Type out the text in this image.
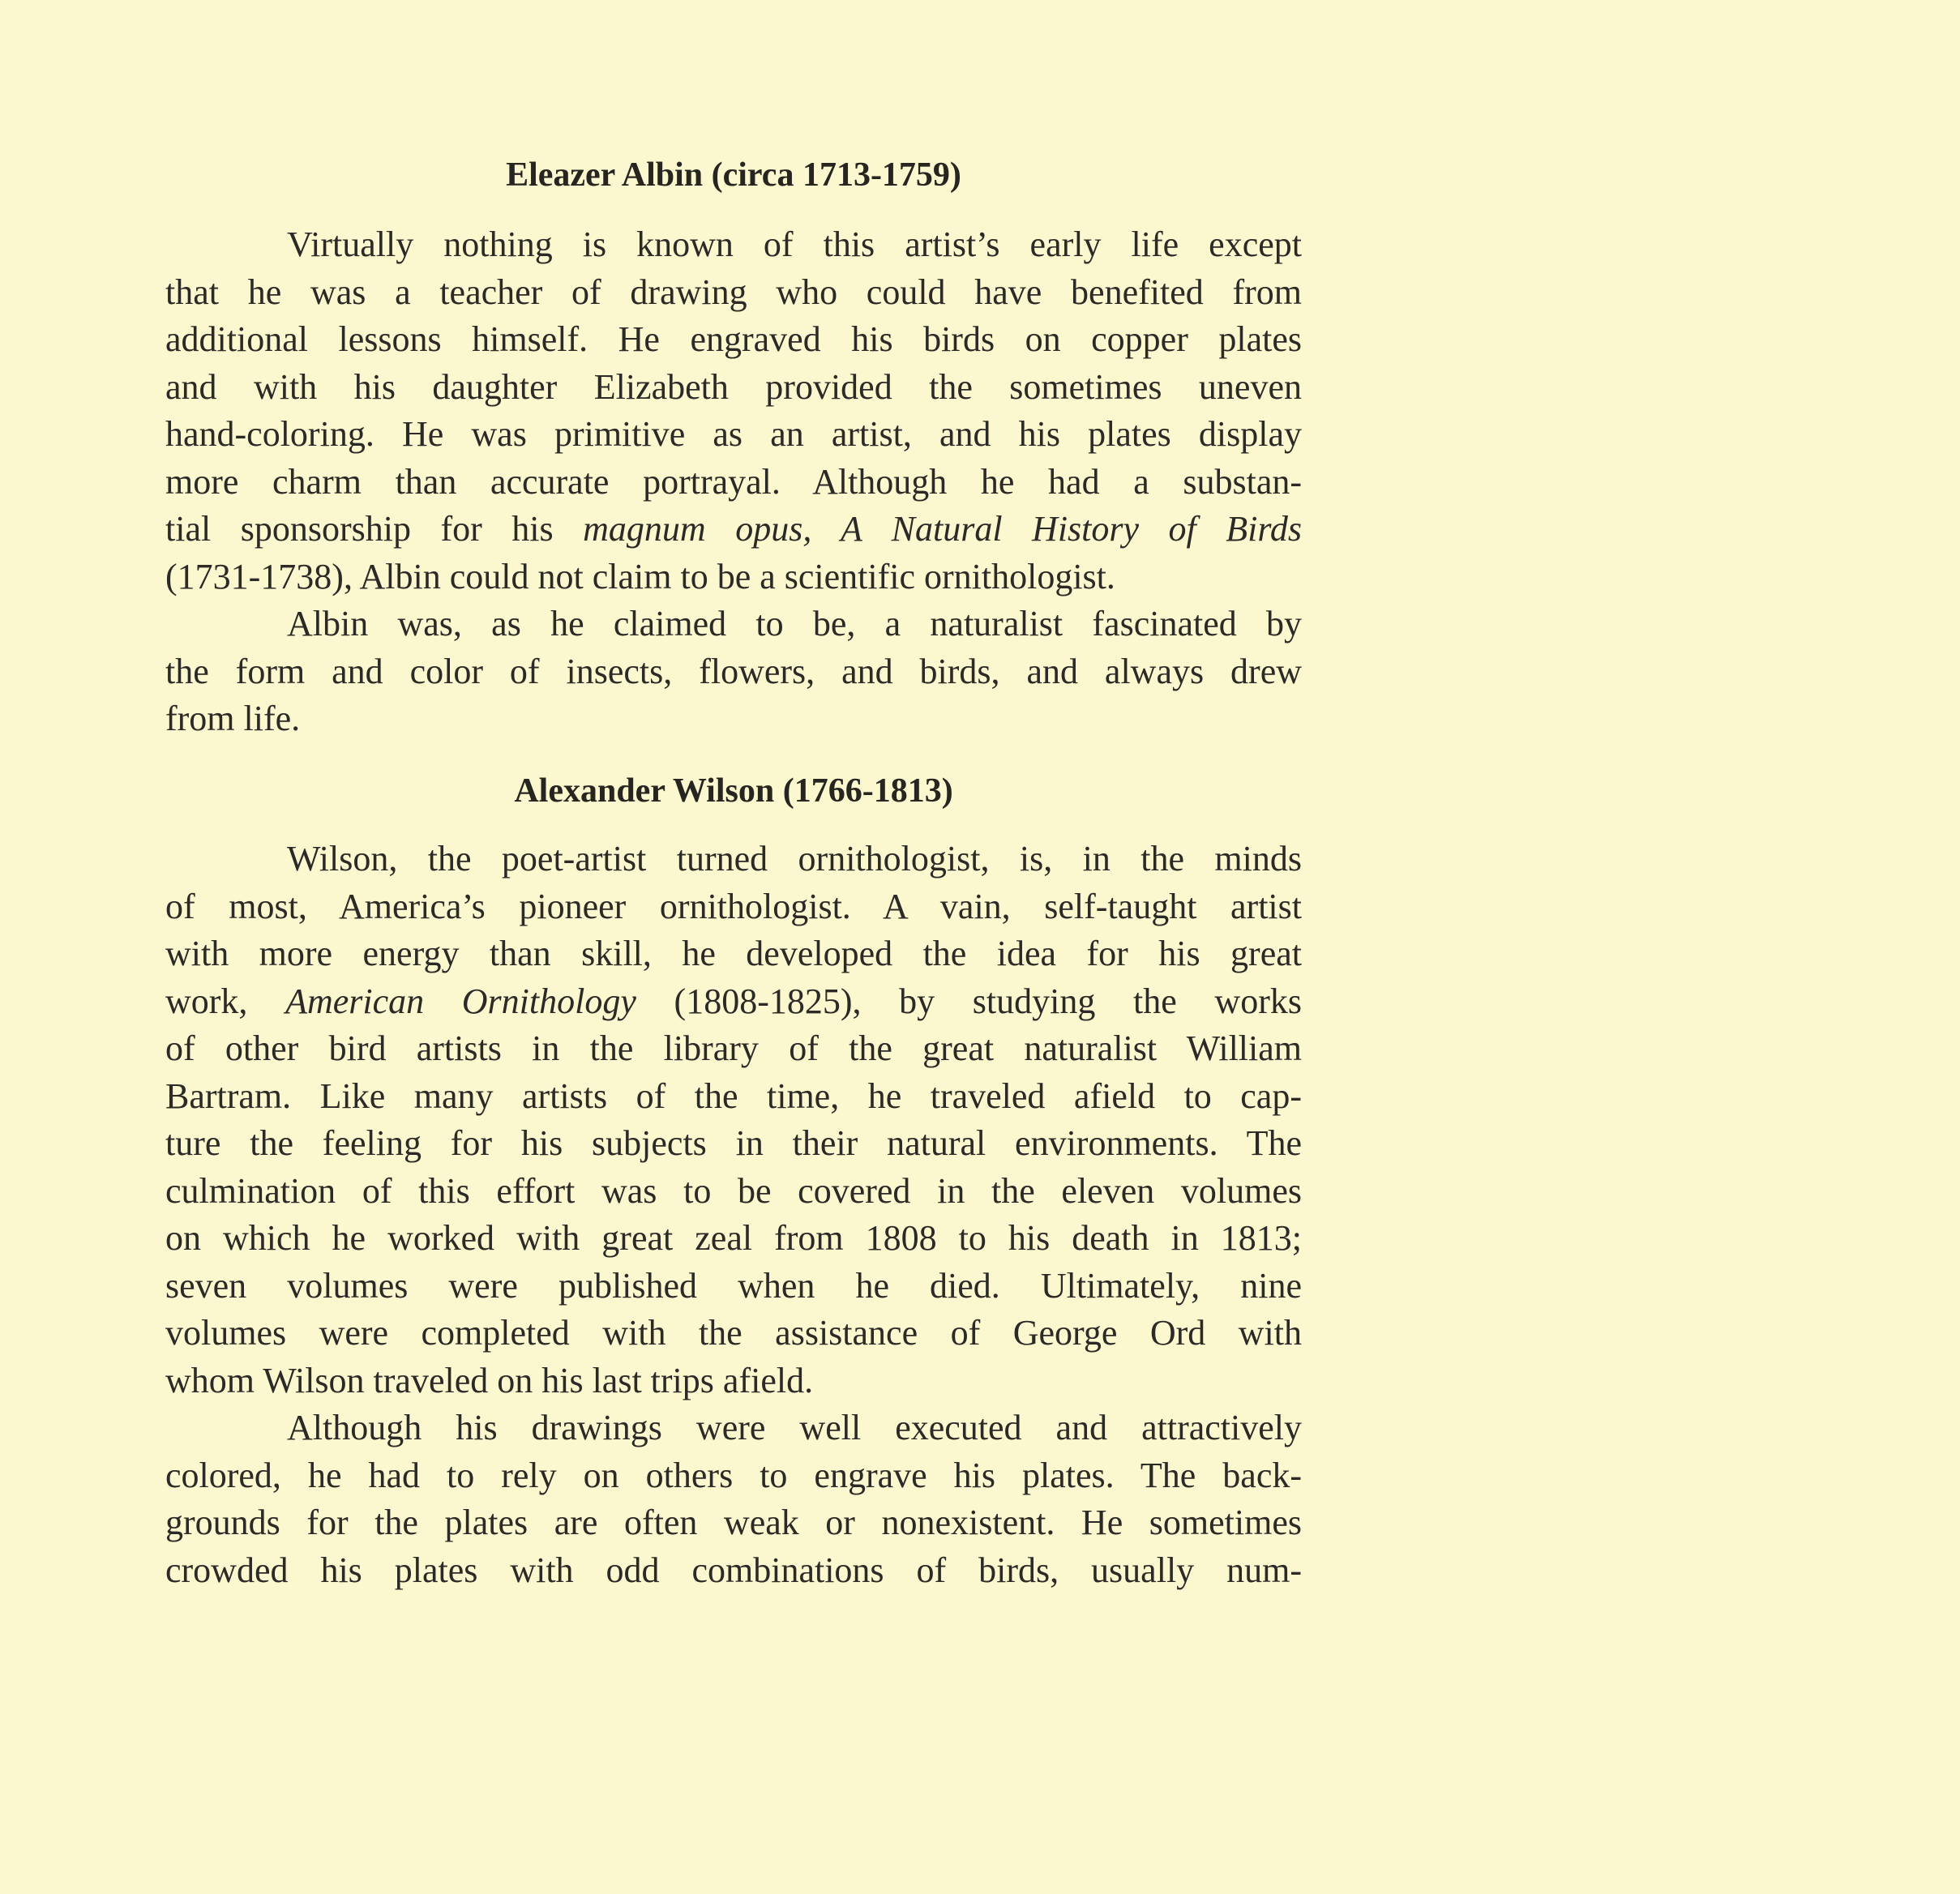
Eleazer Albin (circa 1713-1759)
Virtually nothing is known of this artist’s early life except
that he was a teacher of drawing who could have benefited from
additional lessons himself. He engraved his birds on copper plates
and with his daughter Elizabeth provided the sometimes uneven
hand-coloring. He was primitive as an artist, and his plates display
more charm than accurate portrayal. Although he had a substan-
tial sponsorship for his magnum opus, A Natural History of Birds
(1731-1738), Albin could not claim to be a scientific ornithologist.
Albin was, as he claimed to be, a naturalist fascinated by
the form and color of insects, flowers, and birds, and always drew
from life.
Alexander Wilson (1766-1813)
Wilson, the poet-artist turned ornithologist, is, in the minds
of most, America’s pioneer ornithologist. A vain, self-taught artist
with more energy than skill, he developed the idea for his great
work, American Ornithology (1808-1825), by studying the works
of other bird artists in the library of the great naturalist William
Bartram. Like many artists of the time, he traveled afield to cap-
ture the feeling for his subjects in their natural environments. The
culmination of this effort was to be covered in the eleven volumes
on which he worked with great zeal from 1808 to his death in 1813;
seven volumes were published when he died. Ultimately, nine
volumes were completed with the assistance of George Ord with
whom Wilson traveled on his last trips afield.
Although his drawings were well executed and attractively
colored, he had to rely on others to engrave his plates. The back-
grounds for the plates are often weak or nonexistent. He sometimes
crowded his plates with odd combinations of birds, usually num-
